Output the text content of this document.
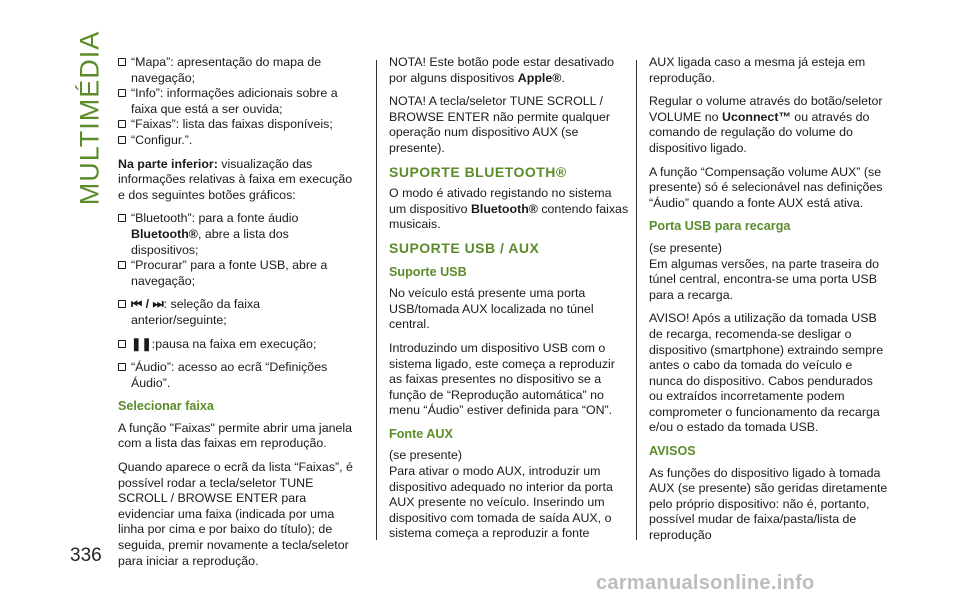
MULTIMÉDIA
336

“Mapa”: apresentação do mapa de navegação;

“Info”: informações adicionais sobre a faixa que está a ser ouvida;

“Faixas”: lista das faixas disponíveis;

“Configur.”.

Na parte inferior: visualização das informações relativas à faixa em execução e dos seguintes botões gráficos:

“Bluetooth”: para a fonte áudio Bluetooth®, abre a lista dos dispositivos;

“Procurar” para a fonte USB, abre a navegação;

⏮ / ⏭: seleção da faixa anterior/seguinte;

❚❚:pausa na faixa em execução;

“Áudio”: acesso ao ecrã “Definições Áudio”.

Selecionar faixa

A função "Faixas" permite abrir uma janela com a lista das faixas em reprodução.

Quando aparece o ecrã da lista “Faixas”, é possível rodar a tecla/seletor TUNE SCROLL / BROWSE ENTER para evidenciar uma faixa (indicada por uma linha por cima e por baixo do título); de seguida, premir novamente a tecla/seletor para iniciar a reprodução.

NOTA! Este botão pode estar desativado por alguns dispositivos Apple®.

NOTA! A tecla/seletor TUNE SCROLL / BROWSE ENTER não permite qualquer operação num dispositivo AUX (se presente).

SUPORTE BLUETOOTH®

O modo é ativado registando no sistema um dispositivo Bluetooth® contendo faixas musicais.

SUPORTE USB / AUX
Suporte USB

No veículo está presente uma porta USB/tomada AUX localizada no túnel central.

Introduzindo um dispositivo USB com o sistema ligado, este começa a reproduzir as faixas presentes no dispositivo se a função de “Reprodução automática” no menu “Áudio” estiver definida para “ON”.

Fonte AUX

(se presente)

Para ativar o modo AUX, introduzir um dispositivo adequado no interior da porta AUX presente no veículo. Inserindo um dispositivo com tomada de saída AUX, o sistema começa a reproduzir a fonte

AUX ligada caso a mesma já esteja em reprodução.

Regular o volume através do botão/seletor VOLUME no Uconnect™ ou através do comando de regulação do volume do dispositivo ligado.

A função “Compensação volume AUX” (se presente) só é selecionável nas definições “Áudio” quando a fonte AUX está ativa.

Porta USB para recarga

(se presente)

Em algumas versões, na parte traseira do túnel central, encontra-se uma porta USB para a recarga.

AVISO! Após a utilização da tomada USB de recarga, recomenda-se desligar o dispositivo (smartphone) extraindo sempre antes o cabo da tomada do veículo e nunca do dispositivo. Cabos pendurados ou extraídos incorretamente podem comprometer o funcionamento da recarga e/ou o estado da tomada USB.

AVISOS

As funções do dispositivo ligado à tomada AUX (se presente) são geridas diretamente pelo próprio dispositivo: não é, portanto, possível mudar de faixa/pasta/lista de reprodução

carmanualsonline.info
